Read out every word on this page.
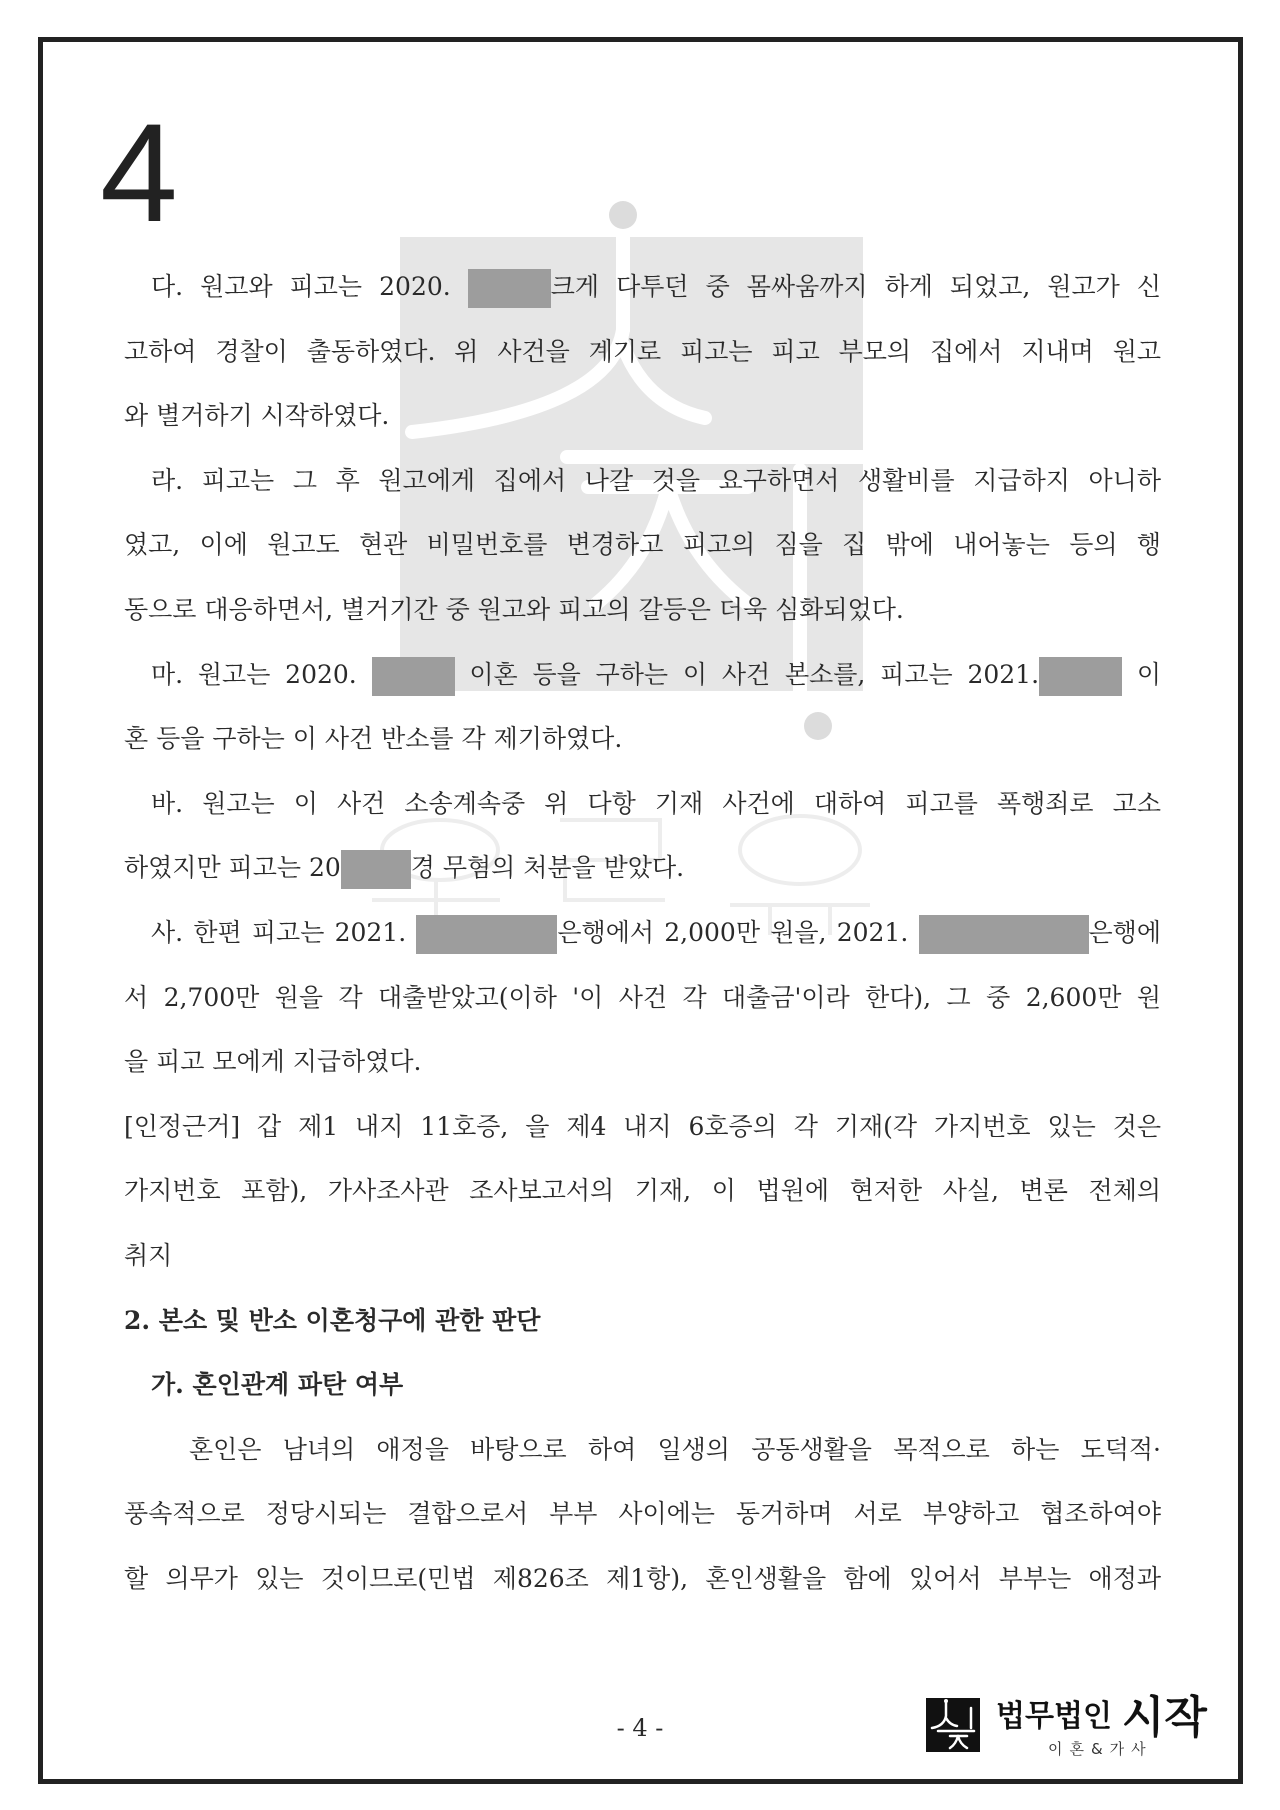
4
다. 원고와 피고는 2020.	크게 다투던 중 몸싸움까지 하게 되었고, 원고가 신
고하여 경찰이 출동하였다. 위 사건을 계기로 피고는 피고 부모의 집에서 지내며 원고
와 별거하기 시작하였다.
라. 피고는 그 후 원고에게 집에서 나갈 것을 요구하면서 생활비를 지급하지 아니하
였고, 이에 원고도 현관 비밀번호를 변경하고 피고의 짐을 집 밖에 내어놓는 등의 행
동으로 대응하면서, 별거기간 중 원고와 피고의 갈등은 더욱 심화되었다.
마. 원고는 2020.	이혼 등을 구하는 이 사건 본소를, 피고는 2021.	이
혼 등을 구하는 이 사건 반소를 각 제기하였다.
바. 원고는 이 사건 소송계속중 위 다항 기재 사건에 대하여 피고를 폭행죄로 고소
하였지만 피고는 20	경 무혐의 처분을 받았다.
사. 한편 피고는 2021.	은행에서 2,000만 원을, 2021.	은행에
서 2,700만 원을 각 대출받았고(이하 '이 사건 각 대출금'이라 한다), 그 중 2,600만 원
을 피고 모에게 지급하였다.
[인정근거] 갑 제1 내지 11호증, 을 제4 내지 6호증의 각 기재(각 가지번호 있는 것은
가지번호 포함), 가사조사관 조사보고서의 기재, 이 법원에 현저한 사실, 변론 전체의
취지
2. 본소 및 반소 이혼청구에 관한 판단
가. 혼인관계 파탄 여부
혼인은 남녀의 애정을 바탕으로 하여 일생의 공동생활을 목적으로 하는 도덕적·
풍속적으로 정당시되는 결합으로서 부부 사이에는 동거하며 서로 부양하고 협조하여야
할 의무가 있는 것이므로(민법 제826조 제1항), 혼인생활을 함에 있어서 부부는 애정과
- 4 -	법무법인 시작
이혼&가사
